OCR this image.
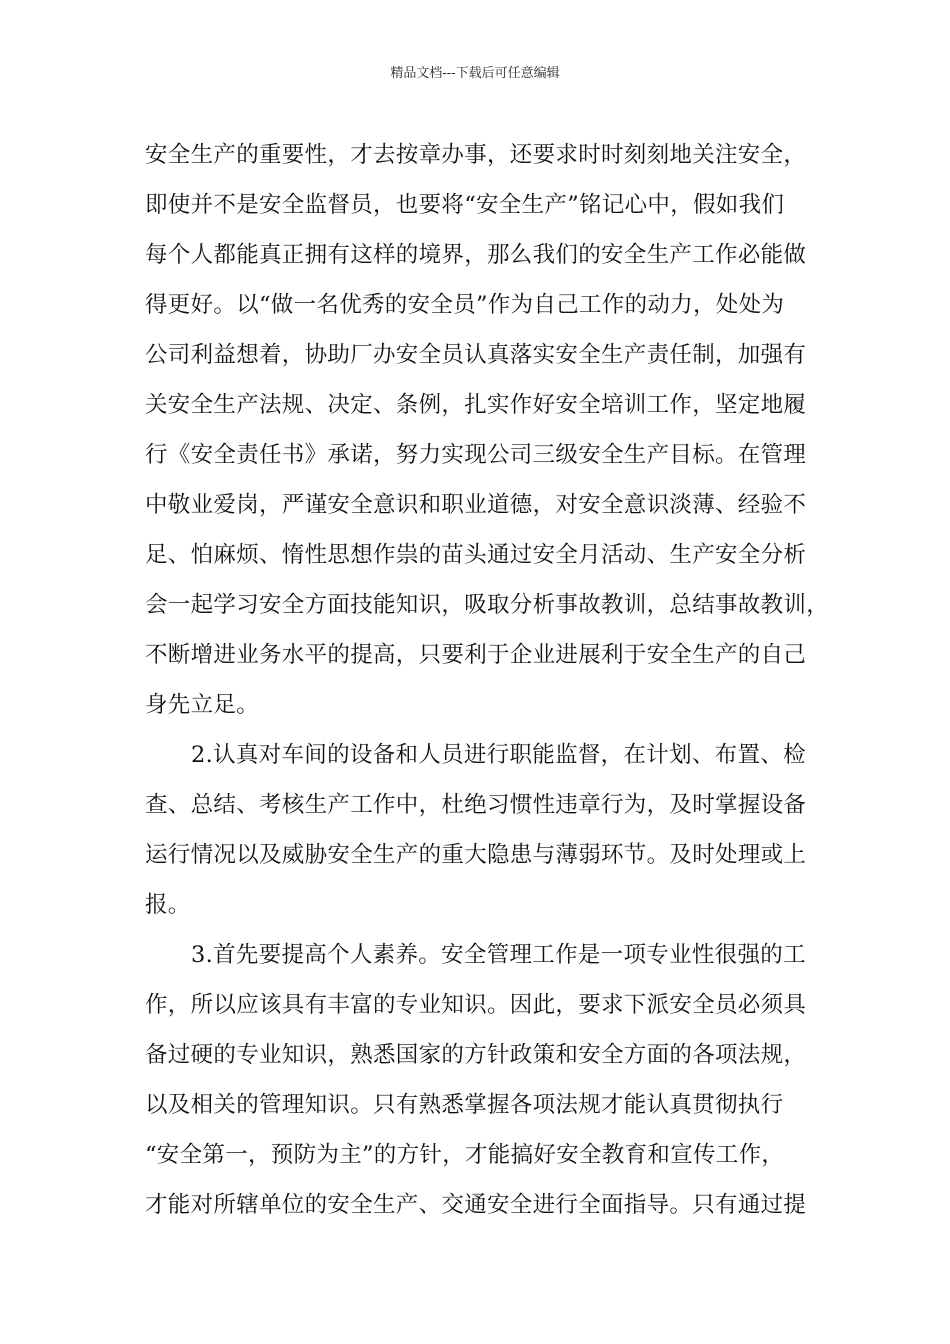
精品文档---下载后可任意编辑
安全生产的重要性，才去按章办事，还要求时时刻刻地关注安全，
即使并不是安全监督员，也要将“安全生产”铭记心中，假如我们
每个人都能真正拥有这样的境界，那么我们的安全生产工作必能做
得更好。以“做一名优秀的安全员”作为自己工作的动力，处处为
公司利益想着，协助厂办安全员认真落实安全生产责任制，加强有
关安全生产法规、决定、条例，扎实作好安全培训工作，坚定地履
行《安全责任书》承诺，努力实现公司三级安全生产目标。在管理
中敬业爱岗，严谨安全意识和职业道德，对安全意识淡薄、经验不
足、怕麻烦、惰性思想作祟的苗头通过安全月活动、生产安全分析
会一起学习安全方面技能知识，吸取分析事故教训，总结事故教训，
不断增进业务水平的提高，只要利于企业进展利于安全生产的自己
身先立足。
2.认真对车间的设备和人员进行职能监督，在计划、布置、检
查、总结、考核生产工作中，杜绝习惯性违章行为，及时掌握设备
运行情况以及威胁安全生产的重大隐患与薄弱环节。及时处理或上
报。
3.首先要提高个人素养。安全管理工作是一项专业性很强的工
作，所以应该具有丰富的专业知识。因此，要求下派安全员必须具
备过硬的专业知识，熟悉国家的方针政策和安全方面的各项法规，
以及相关的管理知识。只有熟悉掌握各项法规才能认真贯彻执行
“安全第一，预防为主”的方针，才能搞好安全教育和宣传工作，
才能对所辖单位的安全生产、交通安全进行全面指导。只有通过提
